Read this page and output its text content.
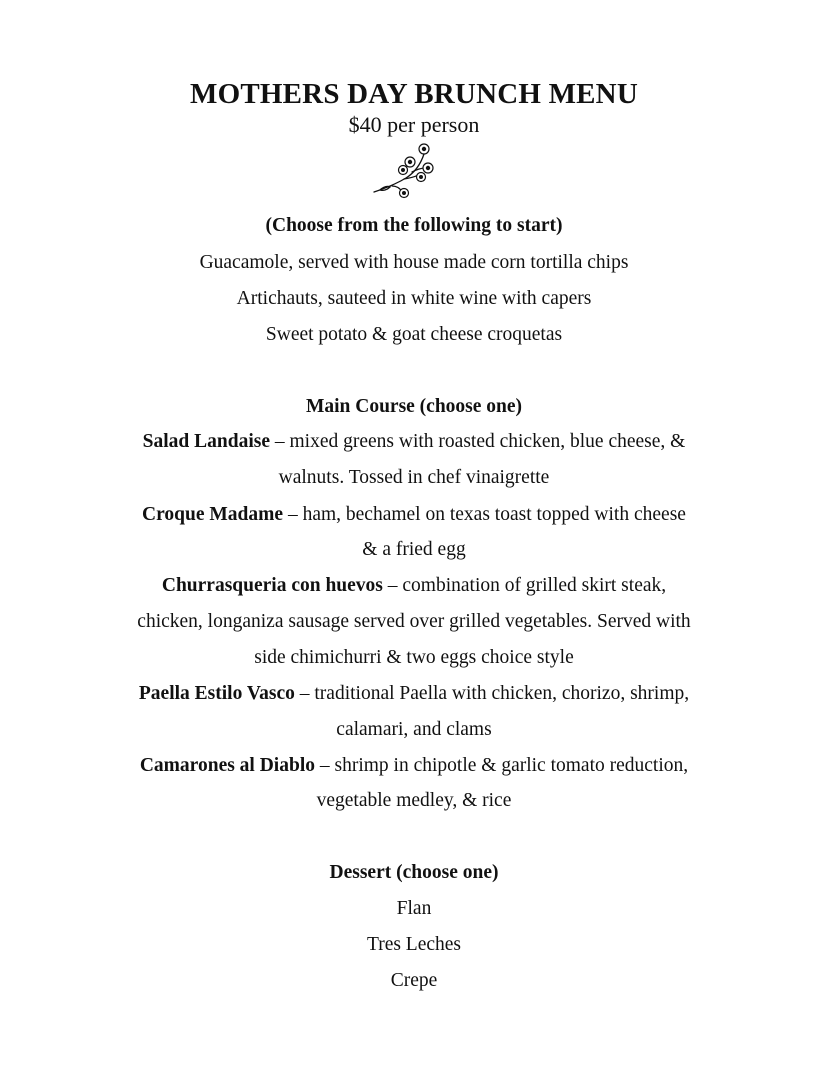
MOTHERS DAY BRUNCH MENU
$40 per person
(Choose from the following to start)
Guacamole, served with house made corn tortilla chips
Artichauts, sauteed in white wine with capers
Sweet potato & goat cheese croquetas
Main Course (choose one)
Salad Landaise – mixed greens with roasted chicken, blue cheese, &
walnuts. Tossed in chef vinaigrette
Croque Madame – ham, bechamel on texas toast topped with cheese
& a fried egg
Churrasqueria con huevos – combination of grilled skirt steak,
chicken, longaniza sausage served over grilled vegetables. Served with
side chimichurri & two eggs choice style
Paella Estilo Vasco – traditional Paella with chicken, chorizo, shrimp,
calamari, and clams
Camarones al Diablo – shrimp in chipotle & garlic tomato reduction,
vegetable medley, & rice
Dessert (choose one)
Flan
Tres Leches
Crepe
